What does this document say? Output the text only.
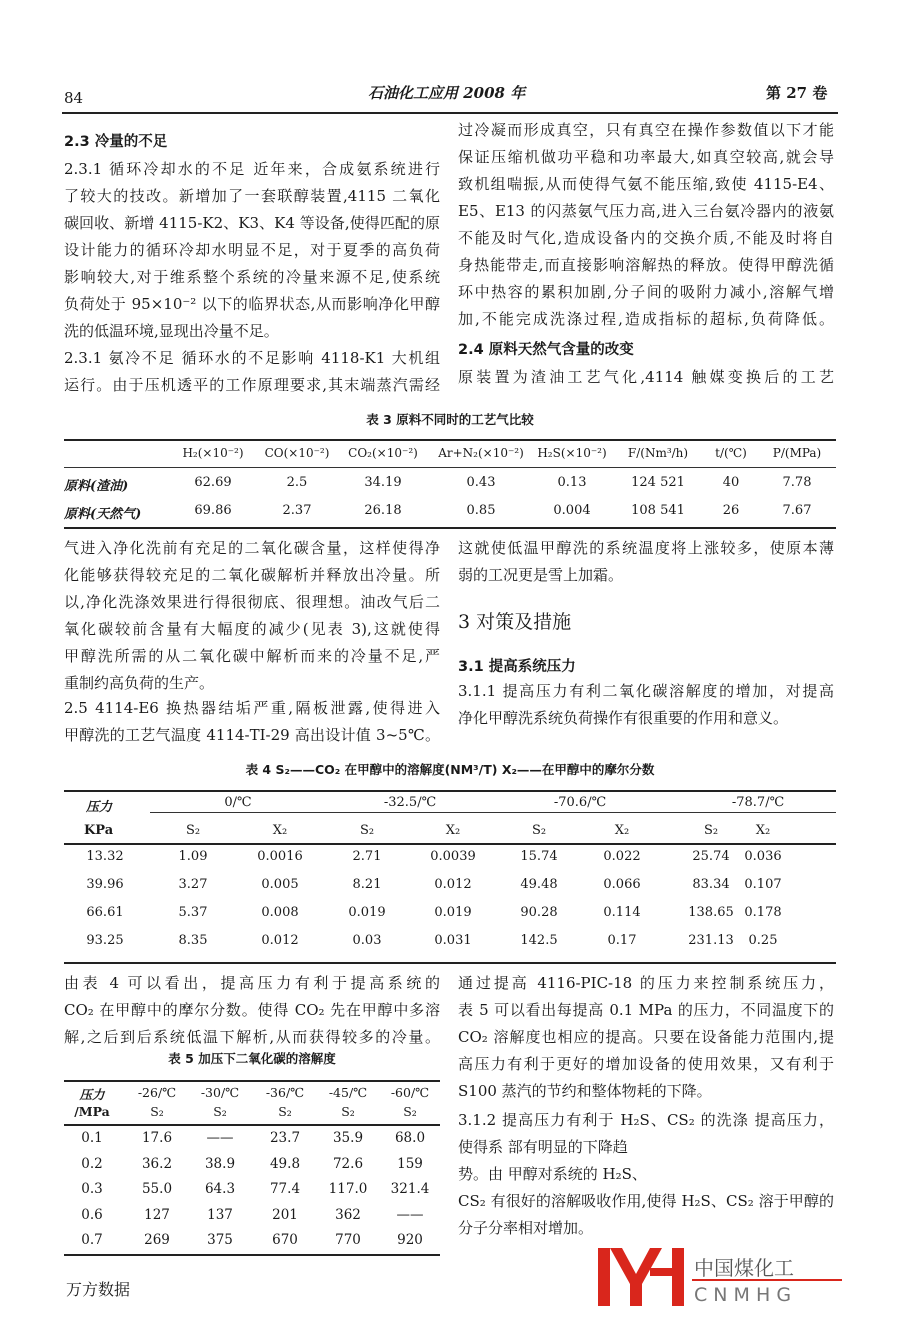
84	石油化工应用 2008 年	第 27 卷
2.3 冷量的不足
2.3.1 循环冷却水的不足 近年来，合成氨系统进行
了较大的技改。新增加了一套联醇装置,4115 二氧化
碳回收、新增 4115-K2、K3、K4 等设备,使得匹配的原
设计能力的循环冷却水明显不足，对于夏季的高负荷
影响较大,对于维系整个系统的冷量来源不足,使系统
负荷处于 95×10⁻² 以下的临界状态,从而影响净化甲醇
洗的低温环境,显现出冷量不足。
2.3.1 氨冷不足 循环水的不足影响 4118-K1 大机组
运行。由于压机透平的工作原理要求,其末端蒸汽需经
过冷凝而形成真空，只有真空在操作参数值以下才能
保证压缩机做功平稳和功率最大,如真空较高,就会导
致机组喘振,从而使得气氨不能压缩,致使 4115-E4、
E5、E13 的闪蒸氨气压力高,进入三台氨冷器内的液氨
不能及时气化,造成设备内的交换介质,不能及时将自
身热能带走,而直接影响溶解热的释放。使得甲醇洗循
环中热容的累积加剧,分子间的吸附力减小,溶解气增
加,不能完成洗涤过程,造成指标的超标,负荷降低。
2.4 原料天然气含量的改变
原装置为渣油工艺气化,4114 触媒变换后的工艺
气进入净化洗前有充足的二氧化碳含量，这样使得净
化能够获得较充足的二氧化碳解析并释放出冷量。所
以,净化洗涤效果进行得很彻底、很理想。油改气后二
氧化碳较前含量有大幅度的减少(见表 3),这就使得
甲醇洗所需的从二氧化碳中解析而来的冷量不足,严
重制约高负荷的生产。
2.5 4114-E6 换热器结垢严重,隔板泄露,使得进入
甲醇洗的工艺气温度 4114-TI-29 高出设计值 3~5℃。
这就使低温甲醇洗的系统温度将上涨较多，使原本薄
弱的工况更是雪上加霜。
3 对策及措施
3.1 提高系统压力
3.1.1 提高压力有利二氧化碳溶解度的增加，对提高
净化甲醇洗系统负荷操作有很重要的作用和意义。
由表 4 可以看出，提高压力有利于提高系统的
CO₂ 在甲醇中的摩尔分数。使得 CO₂ 先在甲醇中多溶
解,之后到后系统低温下解析,从而获得较多的冷量。
通过提高 4116-PIC-18 的压力来控制系统压力，
表 5 可以看出每提高 0.1 MPa 的压力，不同温度下的
CO₂ 溶解度也相应的提高。只要在设备能力范围内,提
高压力有利于更好的增加设备的使用效果，又有利于
S100 蒸汽的节约和整体物耗的下降。
3.1.2 提高压力有利于 H₂S、CS₂ 的洗涤 提高压力，
使得系 部有明显的下降趋
势。由 甲醇对系统的 H₂S、
CS₂ 有很好的溶解吸收作用,使得 H₂S、CS₂ 溶于甲醇的
分子分率相对增加。
表 3 原料不同时的工艺气比较
H₂(×10⁻²) CO(×10⁻²) CO₂(×10⁻²) Ar+N₂(×10⁻²) H₂S(×10⁻²) F/(Nm³/h) t/(℃) P/(MPa)
原料(渣油)	62.69	2.5	34.19	0.43	0.13	124 521	40	7.78
原料(天然气)	69.86	2.37	26.18	0.85	0.004	108 541	26	7.67
表 4 S₂——CO₂ 在甲醇中的溶解度(NM³/T) X₂——在甲醇中的摩尔分数
压力
KPa
0/℃	-32.5/℃	-70.6/℃	-78.7/℃
S₂	X₂	S₂	X₂	S₂	X₂	S₂	X₂
13.32	1.09	0.0016	2.71	0.0039	15.74	0.022	25.74 0.036
39.96	3.27	0.005	8.21	0.012	49.48	0.066	83.34 0.107
66.61	5.37	0.008	0.019	0.019	90.28	0.114	138.65 0.178
93.25	8.35	0.012	0.03	0.031	142.5	0.17	231.13 0.25
表 5 加压下二氧化碳的溶解度
压力	-26/℃ -30/℃ -36/℃ -45/℃ -60/℃
/MPa	S₂	S₂	S₂	S₂	S₂
0.1	17.6	——	23.7 35.9 68.0
0.2	36.2 38.9	49.8 72.6	159
0.3	55.0 64.3	77.4 117.0 321.4
0.6	127	137	201	362	——
0.7	269	375	670	770	920
中国煤化工
C N M H G
万方数据
